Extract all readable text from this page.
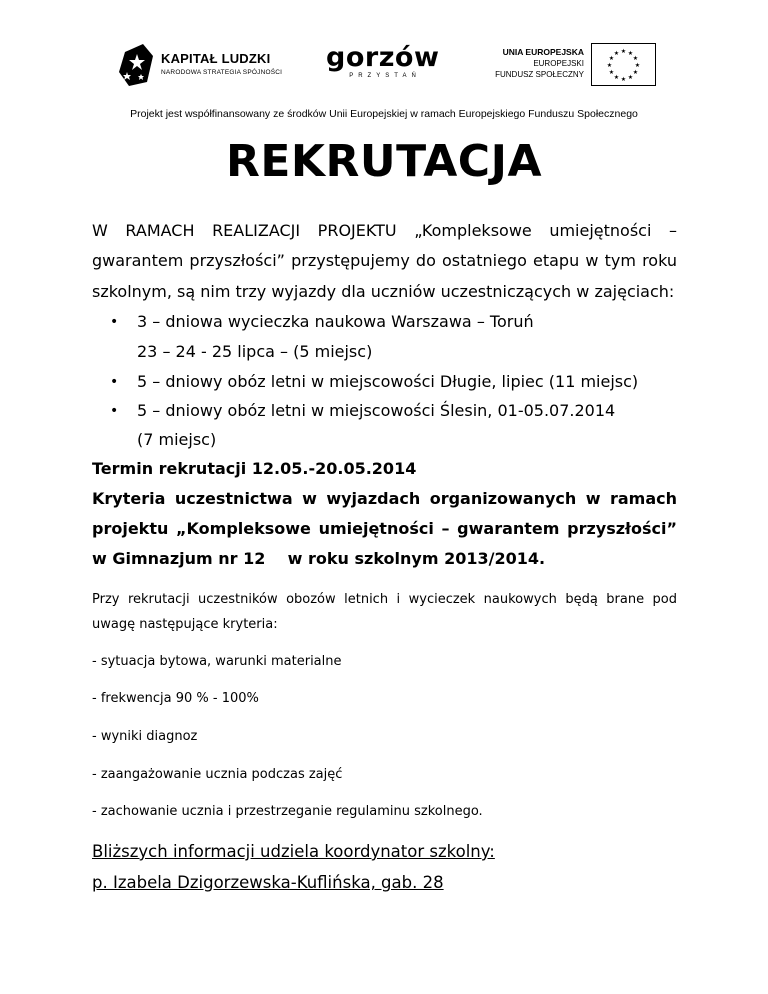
KAPITAŁ LUDZKI
NARODOWA STRATEGIA SPÓJNOŚCI gorzów
PRZYSTAŃ
UNIA EUROPEJSKA
EUROPEJSKI
FUNDUSZ SPOŁECZNY
★ ★
★
★
★
★
★
★
★
★
★
★
Projekt jest współfinansowany ze środków Unii Europejskiej w ramach Europejskiego Funduszu Społecznego
REKRUTACJA
W RAMACH REALIZACJI PROJEKTU „Kompleksowe umiejętności –
gwarantem przyszłości” przystępujemy do ostatniego etapu w tym roku
szkolnym, są nim trzy wyjazdy dla uczniów uczestniczących w zajęciach:
• 3 – dniowa wycieczka naukowa Warszawa – Toruń
23 – 24 - 25 lipca – (5 miejsc)
• 5 – dniowy obóz letni w miejscowości Długie, lipiec (11 miejsc)
• 5 – dniowy obóz letni w miejscowości Ślesin, 01-05.07.2014
(7 miejsc)
Termin rekrutacji 12.05.-20.05.2014
Kryteria uczestnictwa w wyjazdach organizowanych w ramach
projektu „Kompleksowe umiejętności – gwarantem przyszłości”
w Gimnazjum nr 12    w roku szkolnym 2013/2014.
Przy rekrutacji uczestników obozów letnich i wycieczek naukowych będą brane pod
uwagę następujące kryteria:
- sytuacja bytowa, warunki materialne
- frekwencja 90 % - 100%
- wyniki diagnoz
- zaangażowanie ucznia podczas zajęć
- zachowanie ucznia i przestrzeganie regulaminu szkolnego.
Bliższych informacji udziela koordynator szkolny:
p. Izabela Dzigorzewska-Kuflińska, gab. 28
